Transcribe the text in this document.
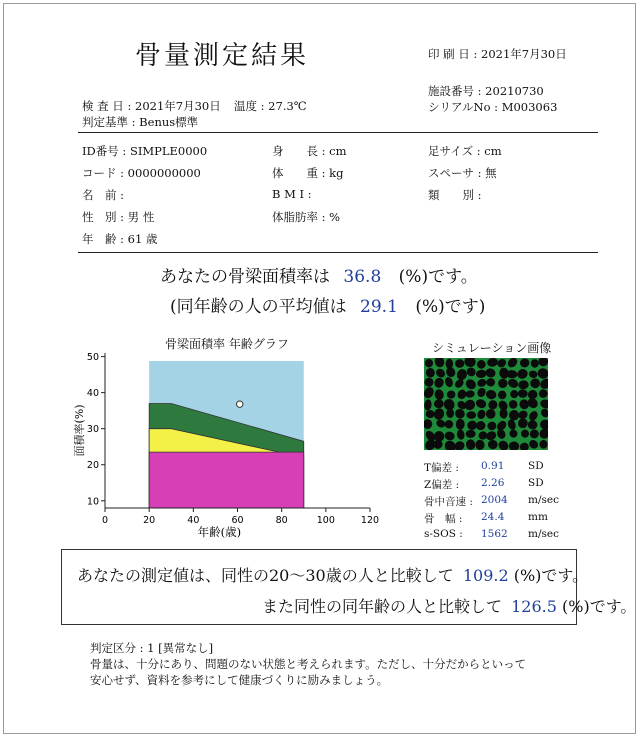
骨量測定結果	印 刷 日 : 2021年7月30日
施設番号 : 20210730
シリアルNo : M003063
検 査 日 : 2021年7月30日 温度 : 27.3℃
判定基準 : Benus標準
ID番号 : SIMPLE0000
コード : 0000000000
名　前 :
性　別 : 男 性
年　齢 : 61 歳
身　　長 : cm
体　　重 : kg
B M I :
体脂肪率 : %
足サイズ : cm
スペーサ : 無
類　　別 :
あなたの骨梁面積率は 36.8 (%)です。
(同年齢の人の平均値は 29.1 (%)です)
骨梁面積率 年齢グラフ
10
20
30
40
50
0	20	40	60	80	100	120
年齢(歳)
面積率(%)
シミュレーション画像
T偏差 : 0.91 SD
Z偏差 : 2.26 SD
骨中音速 : 2004 m/sec
骨　幅 : 24.4 mm
s-SOS : 1562 m/sec
あなたの測定値は、同性の20～30歳の人と比較して 109.2 (%)です。
また同性の同年齢の人と比較して 126.5 (%)です。
判定区分 : 1 [異常なし]
骨量は、十分にあり、問題のない状態と考えられます。ただし、十分だからといって
安心せず、資料を参考にして健康づくりに励みましょう。
